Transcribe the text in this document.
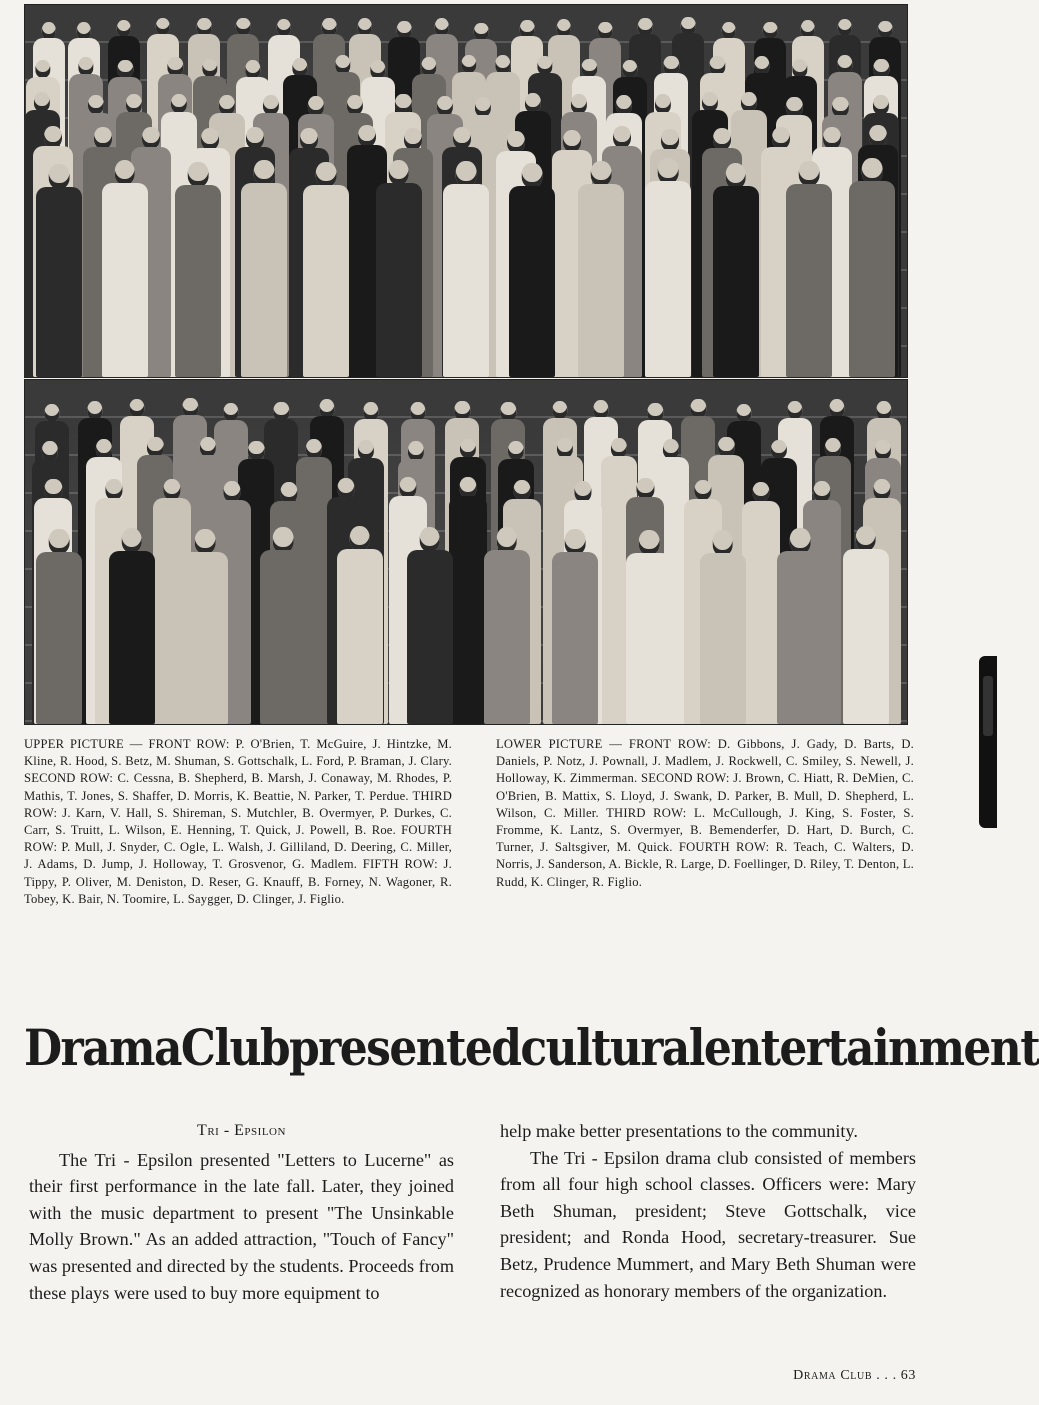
UPPER PICTURE — FRONT ROW: P. O'Brien, T. McGuire, J. Hintzke, M. Kline, R. Hood, S. Betz, M. Shuman, S. Gottschalk, L. Ford, P. Braman, J. Clary. SECOND ROW: C. Cessna, B. Shepherd, B. Marsh, J. Conaway, M. Rhodes, P. Mathis, T. Jones, S. Shaffer, D. Morris, K. Beattie, N. Parker, T. Perdue. THIRD ROW: J. Karn, V. Hall, S. Shireman, S. Mutchler, B. Overmyer, P. Durkes, C. Carr, S. Truitt, L. Wilson, E. Henning, T. Quick, J. Powell, B. Roe. FOURTH ROW: P. Mull, J. Snyder, C. Ogle, L. Walsh, J. Gilliland, D. Deering, C. Miller, J. Adams, D. Jump, J. Holloway, T. Grosvenor, G. Madlem. FIFTH ROW: J. Tippy, P. Oliver, M. Deniston, D. Reser, G. Knauff, B. Forney, N. Wagoner, R. Tobey, K. Bair, N. Toomire, L. Saygger, D. Clinger, J. Figlio.
LOWER PICTURE — FRONT ROW: D. Gibbons, J. Gady, D. Barts, D. Daniels, P. Notz, J. Pownall, J. Madlem, J. Rockwell, C. Smiley, S. Newell, J. Holloway, K. Zimmerman. SECOND ROW: J. Brown, C. Hiatt, R. DeMien, C. O'Brien, B. Mattix, S. Lloyd, J. Swank, D. Parker, B. Mull, D. Shepherd, L. Wilson, C. Miller. THIRD ROW: L. McCullough, J. King, S. Foster, S. Fromme, K. Lantz, S. Overmyer, B. Bemenderfer, D. Hart, D. Burch, C. Turner, J. Saltsgiver, M. Quick. FOURTH ROW: R. Teach, C. Walters, D. Norris, J. Sanderson, A. Bickle, R. Large, D. Foellinger, D. Riley, T. Denton, L. Rudd, K. Clinger, R. Figlio.
Drama Club presented cultural entertainment
Tri - Epsilon

The Tri - Epsilon presented "Letters to Lucerne" as their first performance in the late fall. Later, they joined with the music department to present "The Unsinkable Molly Brown." As an added attraction, "Touch of Fancy" was presented and directed by the students. Proceeds from these plays were used to buy more equipment to

help make better presentations to the community.

The Tri - Epsilon drama club consisted of members from all four high school classes. Officers were: Mary Beth Shuman, president; Steve Gottschalk, vice president; and Ronda Hood, secretary-treasurer. Sue Betz, Prudence Mummert, and Mary Beth Shuman were recognized as honorary members of the organization.

Drama Club . . . 63
